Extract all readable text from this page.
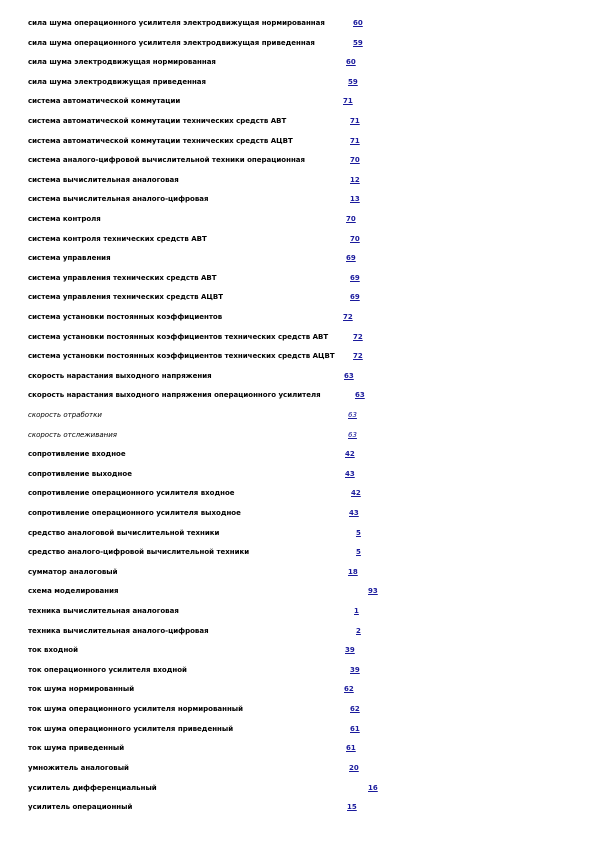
сила шума операционного усилителя электродвижущая нормированная	60
сила шума операционного усилителя электродвижущая приведенная	59
сила шума электродвижущая нормированная	60
сила шума электродвижущая приведенная	59
система автоматической коммутации	71
система автоматической коммутации технических средств АВТ	71
система автоматической коммутации технических средств АЦВТ	71
система аналого-цифровой вычислительной техники операционная	70
система вычислительная аналоговая	12
система вычислительная аналого-цифровая	13
система контроля	70
система контроля технических средств АВТ	70
система управления	69
система управления технических средств АВТ	69
система управления технических средств АЦВТ	69
система установки постоянных коэффициентов	72
система установки постоянных коэффициентов технических средств АВТ	72
система установки постоянных коэффициентов технических средств АЦВТ	72
скорость нарастания выходного напряжения	63
скорость нарастания выходного напряжения операционного усилителя	63
скорость отработки	63
скорость отслеживания	63
сопротивление входное	42
сопротивление выходное	43
сопротивление операционного усилителя входное	42
сопротивление операционного усилителя выходное	43
средство аналоговой вычислительной техники	5
средство аналого-цифровой вычислительной техники	5
сумматор аналоговый	18
схема моделирования	93
техника вычислительная аналоговая	1
техника вычислительная аналого-цифровая	2
ток входной	39
ток операционного усилителя входной	39
ток шума нормированный	62
ток шума операционного усилителя нормированный	62
ток шума операционного усилителя приведенный	61
ток шума приведенный	61
умножитель аналоговый	20
усилитель дифференциальный	16
усилитель операционный	15
